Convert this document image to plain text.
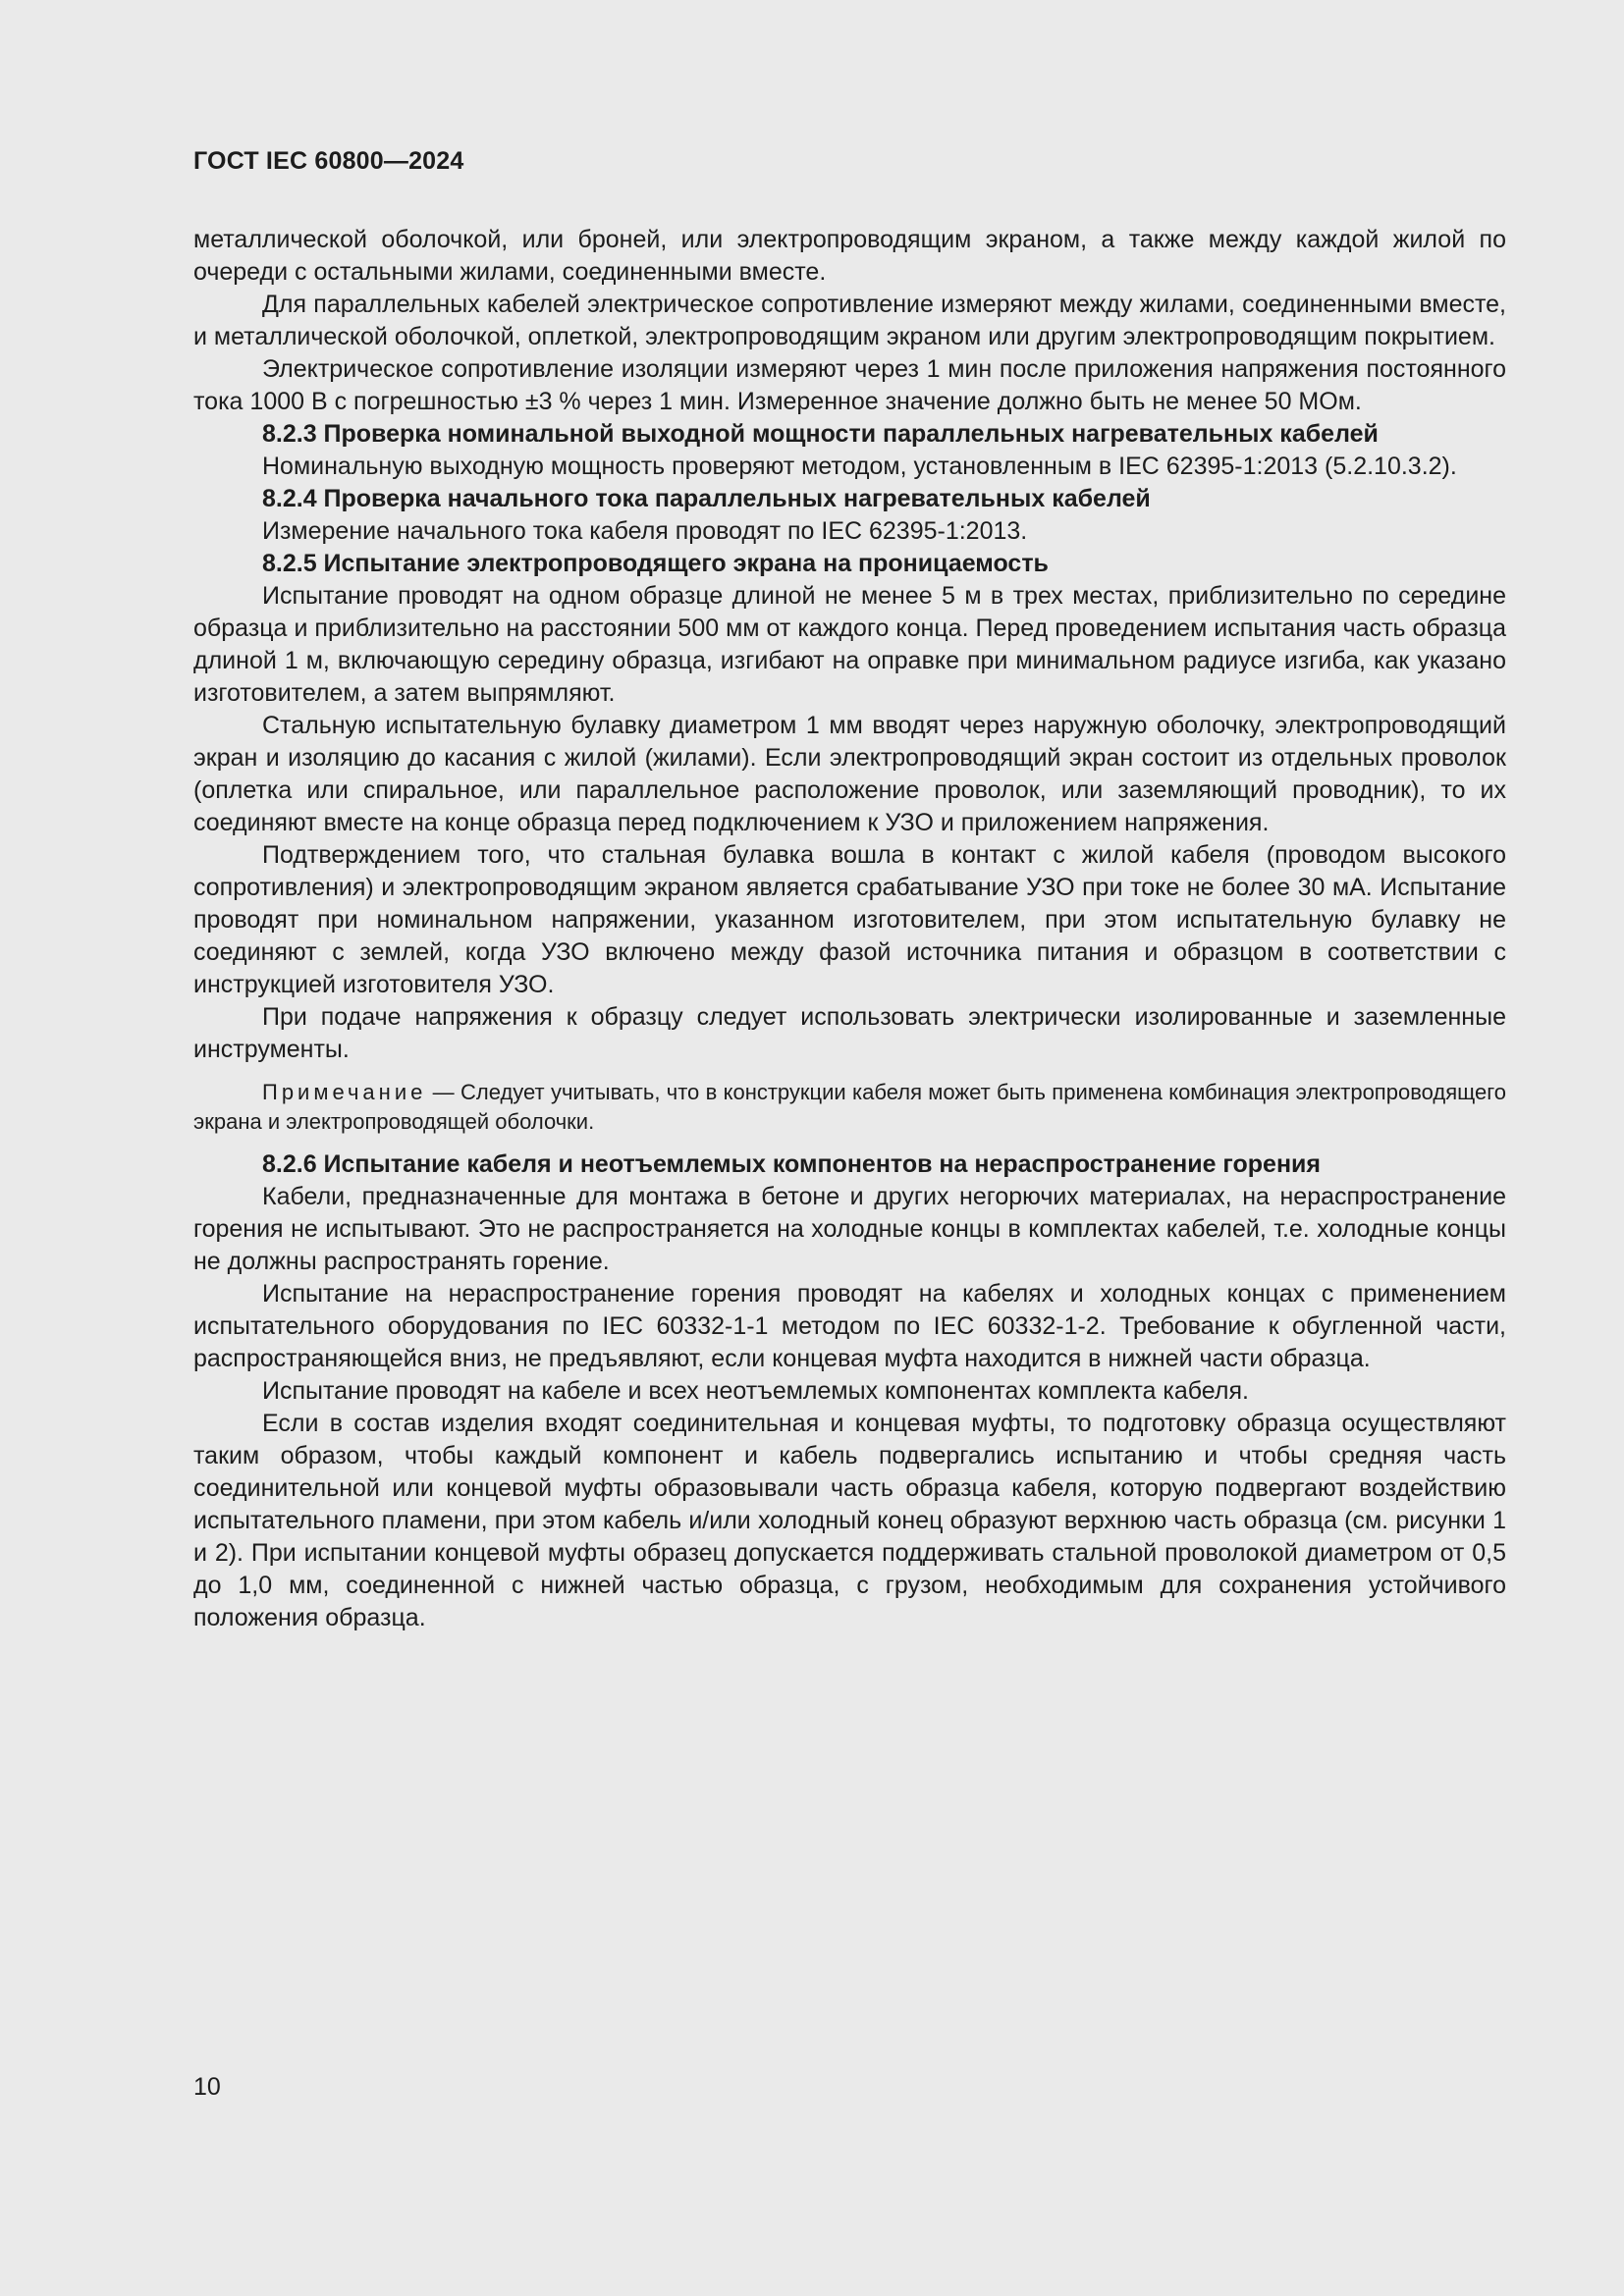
ГОСТ IEC 60800—2024

металлической оболочкой, или броней, или электропроводящим экраном, а также между каждой жилой по очереди с остальными жилами, соединенными вместе.

Для параллельных кабелей электрическое сопротивление измеряют между жилами, соединенными вместе, и металлической оболочкой, оплеткой, электропроводящим экраном или другим электропроводящим покрытием.

Электрическое сопротивление изоляции измеряют через 1 мин после приложения напряжения постоянного тока 1000 В с погрешностью ±3 % через 1 мин. Измеренное значение должно быть не менее 50 МОм.

8.2.3 Проверка номинальной выходной мощности параллельных нагревательных кабелей

Номинальную выходную мощность проверяют методом, установленным в IEC 62395-1:2013 (5.2.10.3.2).

8.2.4 Проверка начального тока параллельных нагревательных кабелей

Измерение начального тока кабеля проводят по IEC 62395-1:2013.

8.2.5 Испытание электропроводящего экрана на проницаемость

Испытание проводят на одном образце длиной не менее 5 м в трех местах, приблизительно по середине образца и приблизительно на расстоянии 500 мм от каждого конца. Перед проведением испытания часть образца длиной 1 м, включающую середину образца, изгибают на оправке при минимальном радиусе изгиба, как указано изготовителем, а затем выпрямляют.

Стальную испытательную булавку диаметром 1 мм вводят через наружную оболочку, электропроводящий экран и изоляцию до касания с жилой (жилами). Если электропроводящий экран состоит из отдельных проволок (оплетка или спиральное, или параллельное расположение проволок, или заземляющий проводник), то их соединяют вместе на конце образца перед подключением к УЗО и приложением напряжения.

Подтверждением того, что стальная булавка вошла в контакт с жилой кабеля (проводом высокого сопротивления) и электропроводящим экраном является срабатывание УЗО при токе не более 30 мА. Испытание проводят при номинальном напряжении, указанном изготовителем, при этом испытательную булавку не соединяют с землей, когда УЗО включено между фазой источника питания и образцом в соответствии с инструкцией изготовителя УЗО.

При подаче напряжения к образцу следует использовать электрически изолированные и заземленные инструменты.

Примечание — Следует учитывать, что в конструкции кабеля может быть применена комбинация электропроводящего экрана и электропроводящей оболочки.

8.2.6 Испытание кабеля и неотъемлемых компонентов на нераспространение горения

Кабели, предназначенные для монтажа в бетоне и других негорючих материалах, на нераспространение горения не испытывают. Это не распространяется на холодные концы в комплектах кабелей, т.е. холодные концы не должны распространять горение.

Испытание на нераспространение горения проводят на кабелях и холодных концах с применением испытательного оборудования по IEC 60332-1-1 методом по IEC 60332-1-2. Требование к обугленной части, распространяющейся вниз, не предъявляют, если концевая муфта находится в нижней части образца.

Испытание проводят на кабеле и всех неотъемлемых компонентах комплекта кабеля.

Если в состав изделия входят соединительная и концевая муфты, то подготовку образца осуществляют таким образом, чтобы каждый компонент и кабель подвергались испытанию и чтобы средняя часть соединительной или концевой муфты образовывали часть образца кабеля, которую подвергают воздействию испытательного пламени, при этом кабель и/или холодный конец образуют верхнюю часть образца (см. рисунки 1 и 2). При испытании концевой муфты образец допускается поддерживать стальной проволокой диаметром от 0,5 до 1,0 мм, соединенной с нижней частью образца, с грузом, необходимым для сохранения устойчивого положения образца.

10
